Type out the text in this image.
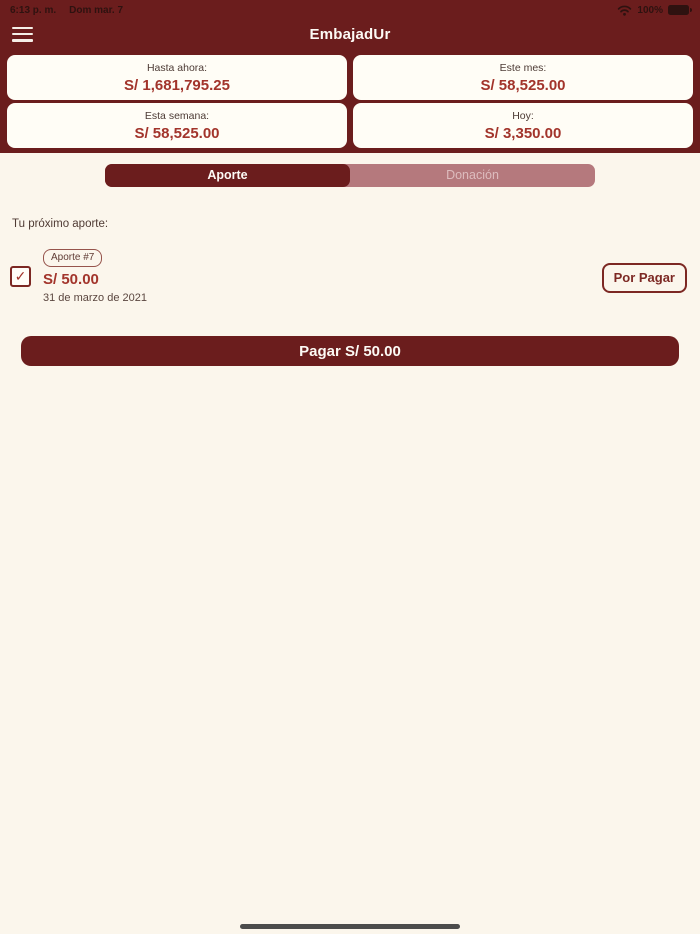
6:13 p. m. Dom mar. 7	100%
EmbajadUr
Hasta ahora:
S/ 1,681,795.25
Este mes:
S/ 58,525.00
Esta semana:
S/ 58,525.00
Hoy:
S/ 3,350.00
Aporte	Donación
Tu próximo aporte:
✓
Aporte #7
S/ 50.00
31 de marzo de 2021
Por Pagar
Pagar S/ 50.00
